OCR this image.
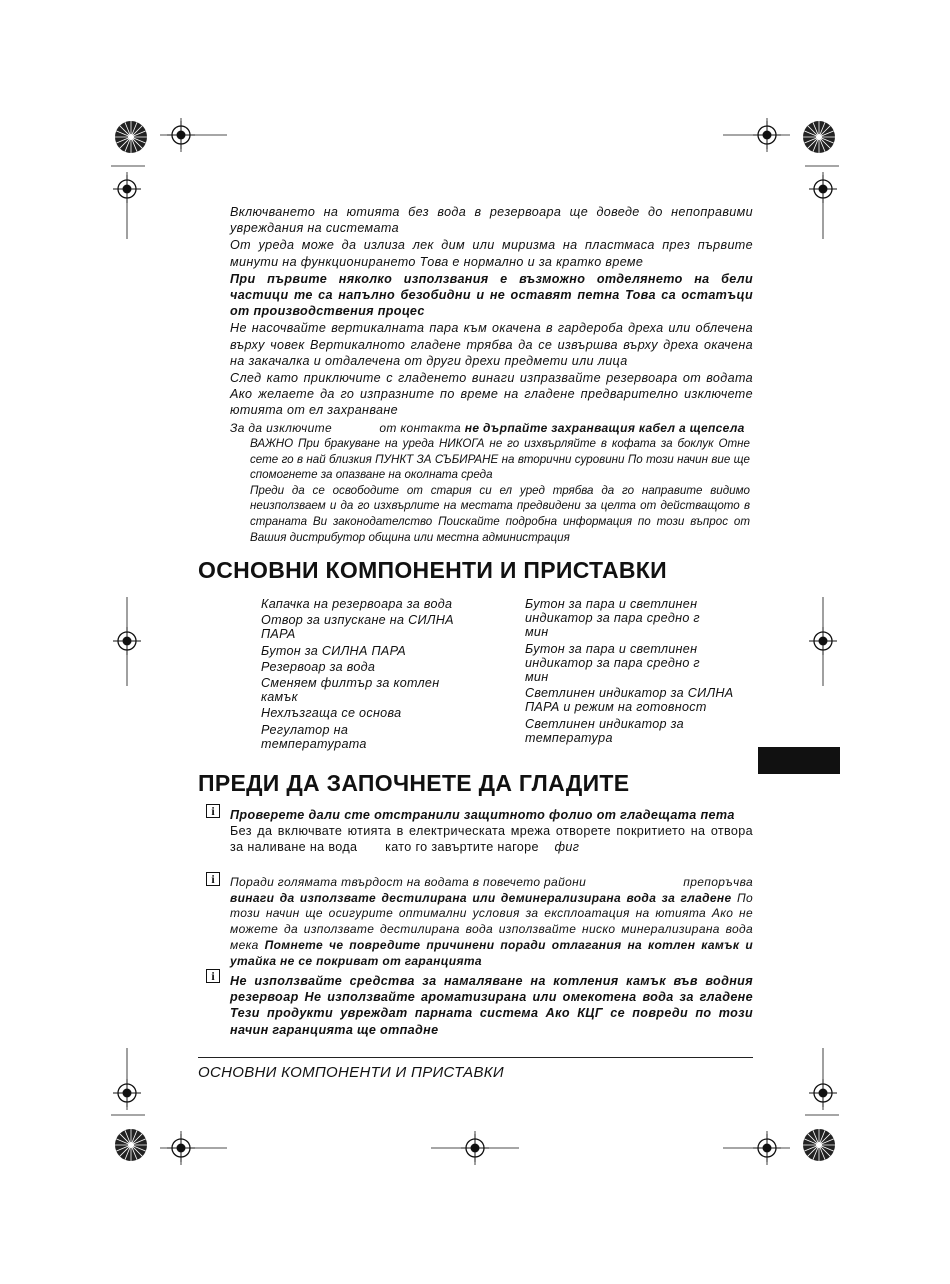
Включването на ютията без вода в резервоара ще доведе до непоправими увреждания на системата
От уреда може да излиза лек дим или миризма на пластмаса през първите минути на функционирането Това е нормално и за кратко време
При първите няколко използвания е възможно отделянето на бели частици те са напълно безобидни и не оставят петна Това са остатъци от производствения процес
Не насочвайте вертикалната пара към окачена в гардероба дреха или облечена върху човек Вертикалното гладене трябва да се извършва върху дреха окачена на закачалка и отдалечена от други дрехи предмети или лица
След като приключите с гладенето винаги изпразвайте резервоара от водата Ако желаете да го изпразните по време на гладене предварително изключете ютията от ел захранване
За да изключите	от контакта не дърпайте захранващия кабел а щепсела
ВАЖНО При бракуване на уреда НИКОГА не го изхвърляйте в кофата за боклук Отне сете го в най близкия ПУНКТ ЗА СЪБИРАНЕ на вторични суровини По този начин вие ще спомогнете за опазване на околната среда
Преди да се освободите от стария си ел уред трябва да го направите видимо неизползваем и да го изхвърлите на местата предвидени за целта от действащото в страната Ви законодателство Поискайте подробна информация по този въпрос от Вашия дистрибутор община или местна администрация
ОСНОВНИ КОМПОНЕНТИ И ПРИСТАВКИ
Капачка на резервоара за вода
Отвор за изпускане на СИЛНА ПАРА
Бутон за СИЛНА ПАРА
Резервоар за вода
Сменяем филтър за котлен камък
Нехлъзгаща се основа
Регулатор на температурата
Бутон за пара и светлинен индикатор за пара средно г мин
Бутон за пара и светлинен индикатор за пара средно г мин
Светлинен индикатор за СИЛНА ПАРА и режим на готовност
Светлинен индикатор за температура
ПРЕДИ ДА ЗАПОЧНЕТЕ ДА ГЛАДИТЕ
i
i
i
Проверете дали сте отстранили защитното фолио от гладещата пета
Без да включвате ютията в електрическата мрежа отворете покритието на отвора за наливане на вода като го завъртите нагоре фиг
Поради голямата твърдост на водата в повечето райони	препоръчва
винаги да използвате дестилирана или деминерализирана вода за гладене По този начин ще осигурите оптимални условия за експлоатация на ютията Ако не можете да използвате дестилирана вода използвайте ниско минерализирана вода мека Помнете че повредите причинени поради отлагания на котлен камък и утайка не се покриват от гаранцията
Не използвайте средства за намаляване на котления камък във водния резервоар Не използвайте ароматизирана или омекотена вода за гладене Тези продукти увреждат парната система Ако КЦГ се повреди по този начин гаранцията ще отпадне
ОСНОВНИ КОМПОНЕНТИ И ПРИСТАВКИ
